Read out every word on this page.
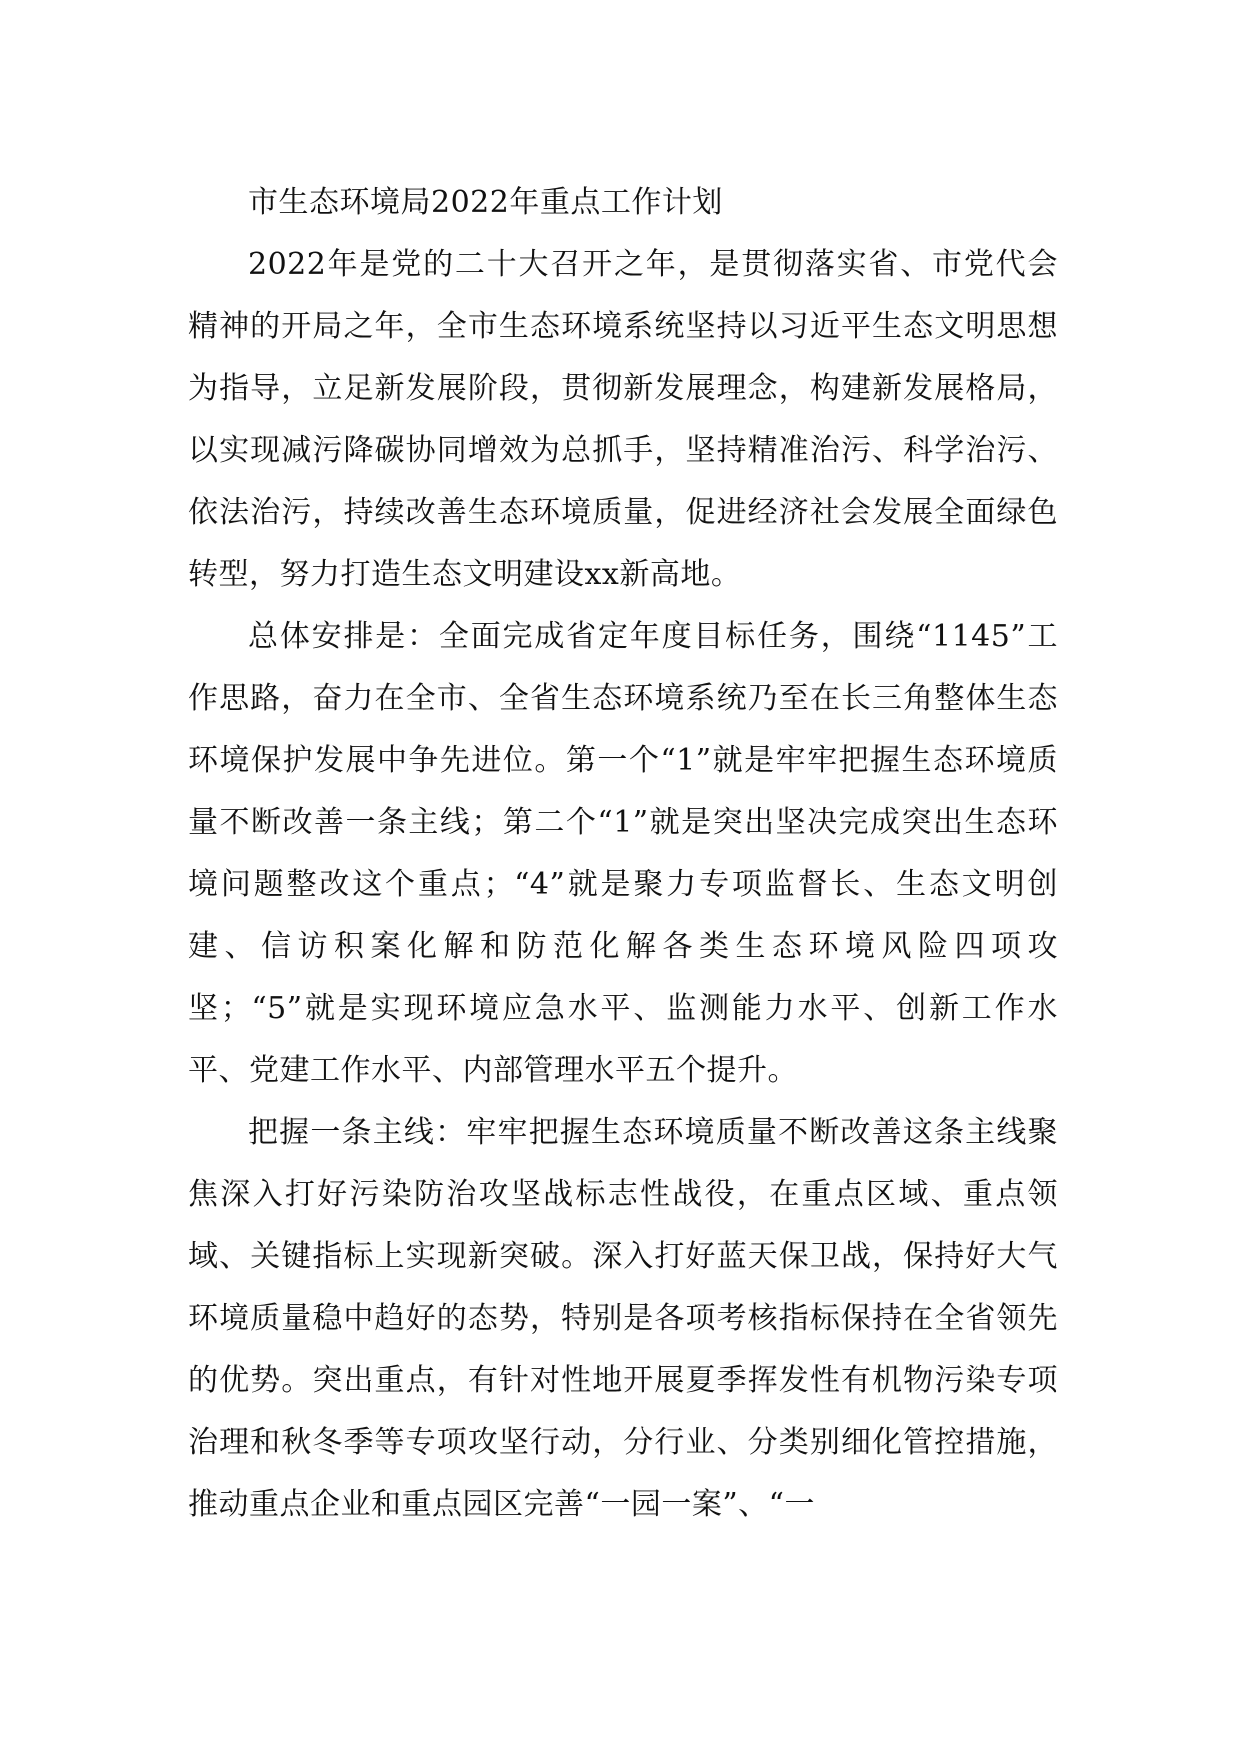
市生态环境局2022年重点工作计划

2022年是党的二十大召开之年，是贯彻落实省、市党代会精神的开局之年，全市生态环境系统坚持以习近平生态文明思想为指导，立足新发展阶段，贯彻新发展理念，构建新发展格局，以实现减污降碳协同增效为总抓手，坚持精准治污、科学治污、依法治污，持续改善生态环境质量，促进经济社会发展全面绿色转型，努力打造生态文明建设xx新高地。

总体安排是：全面完成省定年度目标任务，围绕“1145”工作思路，奋力在全市、全省生态环境系统乃至在长三角整体生态环境保护发展中争先进位。第一个“1”就是牢牢把握生态环境质量不断改善一条主线；第二个“1”就是突出坚决完成突出生态环境问题整改这个重点；“4”就是聚力专项监督长、生态文明创建、信访积案化解和防范化解各类生态环境风险四项攻坚；“5”就是实现环境应急水平、监测能力水平、创新工作水平、党建工作水平、内部管理水平五个提升。

把握一条主线：牢牢把握生态环境质量不断改善这条主线聚焦深入打好污染防治攻坚战标志性战役，在重点区域、重点领域、关键指标上实现新突破。深入打好蓝天保卫战，保持好大气环境质量稳中趋好的态势，特别是各项考核指标保持在全省领先的优势。突出重点，有针对性地开展夏季挥发性有机物污染专项治理和秋冬季等专项攻坚行动，分行业、分类别细化管控措施，推动重点企业和重点园区完善“一园一案”、“一
